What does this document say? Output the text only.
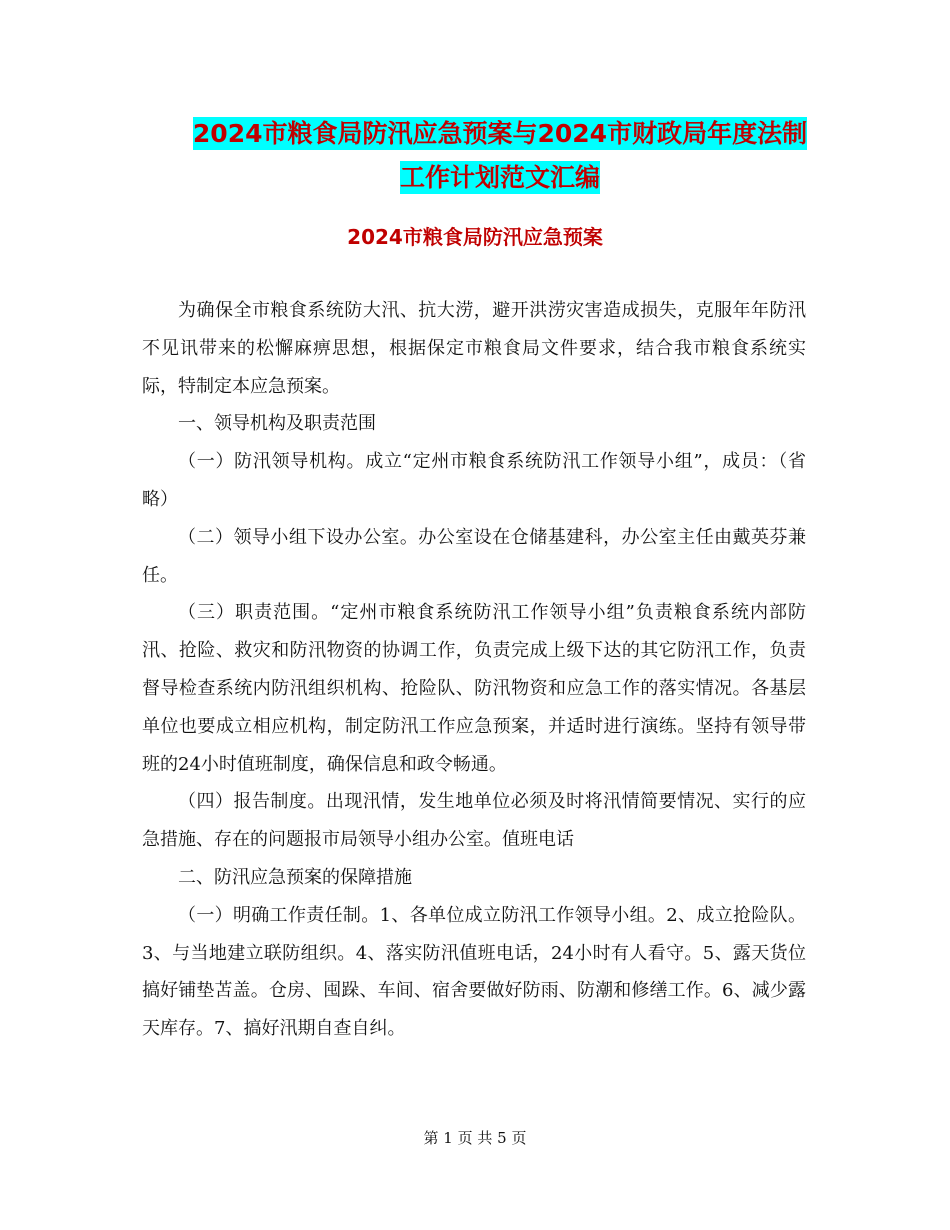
2024市粮食局防汛应急预案与2024市财政局年度法制
工作计划范文汇编
2024市粮食局防汛应急预案

为确保全市粮食系统防大汛、抗大涝，避开洪涝灾害造成损失，克服年年防汛不见讯带来的松懈麻痹思想，根据保定市粮食局文件要求，结合我市粮食系统实际，特制定本应急预案。

一、领导机构及职责范围

（一）防汛领导机构。成立“定州市粮食系统防汛工作领导小组”，成员：（省略）

（二）领导小组下设办公室。办公室设在仓储基建科，办公室主任由戴英芬兼任。

（三）职责范围。“定州市粮食系统防汛工作领导小组”负责粮食系统内部防汛、抢险、救灾和防汛物资的协调工作，负责完成上级下达的其它防汛工作，负责督导检查系统内防汛组织机构、抢险队、防汛物资和应急工作的落实情况。各基层单位也要成立相应机构，制定防汛工作应急预案，并适时进行演练。坚持有领导带班的24小时值班制度，确保信息和政令畅通。

（四）报告制度。出现汛情，发生地单位必须及时将汛情简要情况、实行的应急措施、存在的问题报市局领导小组办公室。值班电话

二、防汛应急预案的保障措施

（一）明确工作责任制。1、各单位成立防汛工作领导小组。2、成立抢险队。3、与当地建立联防组织。4、落实防汛值班电话，24小时有人看守。5、露天货位搞好铺垫苫盖。仓房、囤跺、车间、宿舍要做好防雨、防潮和修缮工作。6、减少露天库存。7、搞好汛期自查自纠。

第 1 页 共 5 页
